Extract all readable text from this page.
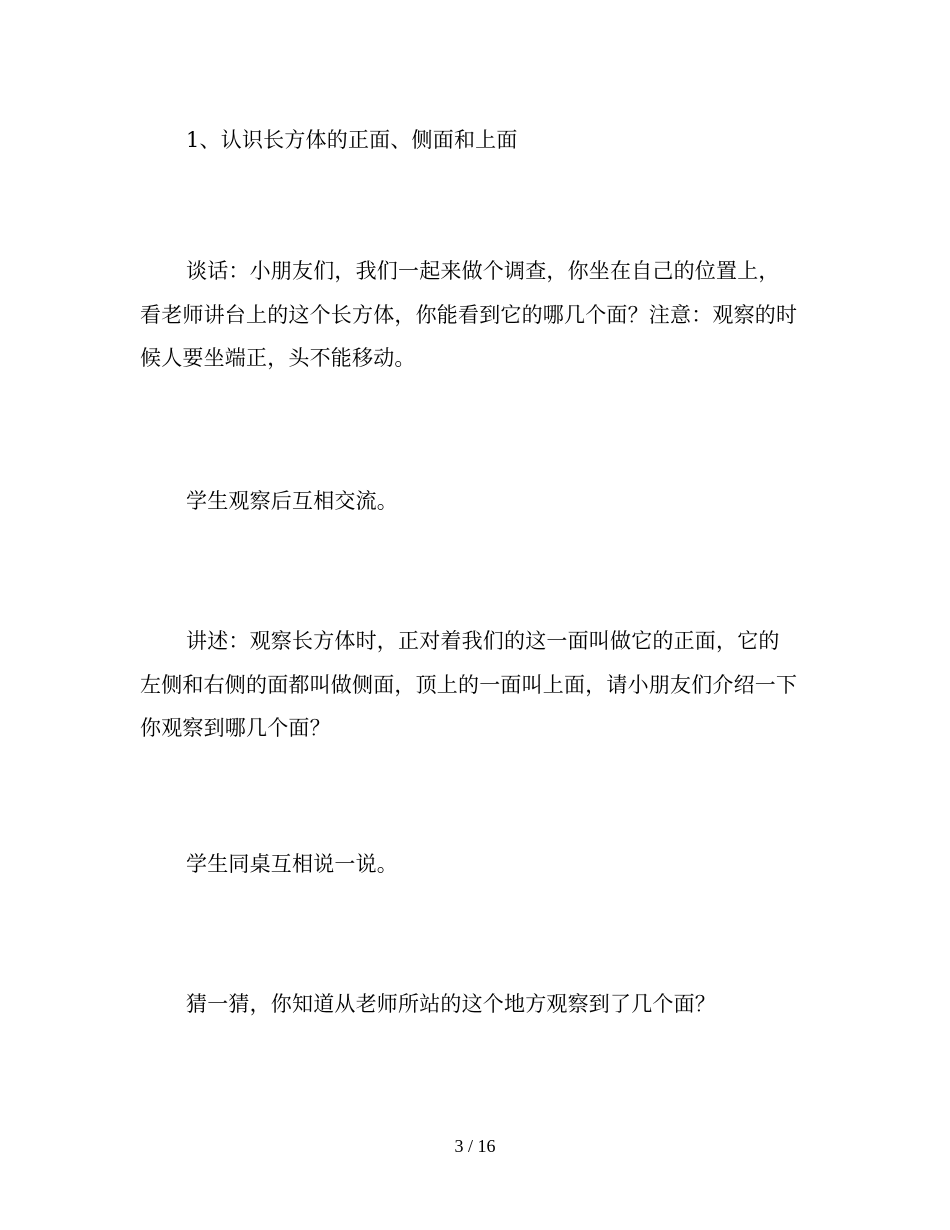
1、认识长方体的正面、侧面和上面

谈话：小朋友们，我们一起来做个调查，你坐在自己的位置上，看老师讲台上的这个长方体，你能看到它的哪几个面？注意：观察的时候人要坐端正，头不能移动。

学生观察后互相交流。

讲述：观察长方体时，正对着我们的这一面叫做它的正面，它的左侧和右侧的面都叫做侧面，顶上的一面叫上面，请小朋友们介绍一下你观察到哪几个面？

学生同桌互相说一说。

猜一猜，你知道从老师所站的这个地方观察到了几个面？

3 / 16
